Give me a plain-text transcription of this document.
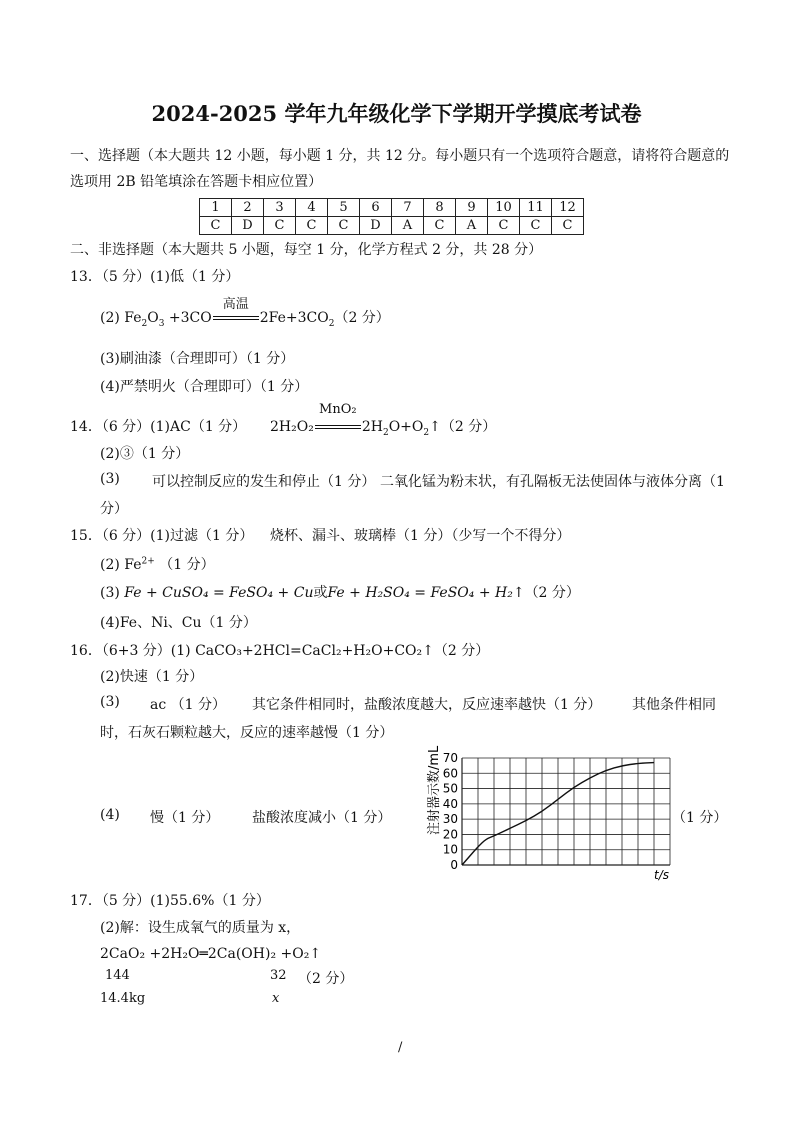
2024-2025 学年九年级化学下学期开学摸底考试卷
一、选择题（本大题共 12 小题，每小题 1 分，共 12 分。每小题只有一个选项符合题意，请将符合题意的
选项用 2B 铅笔填涂在答题卡相应位置）
1	2	3	4	5	6	7	8	9	10	11	12
C	D	C	C	C	D	A	C	A	C	C	C
二、非选择题（本大题共 5 小题，每空 1 分，化学方程式 2 分，共 28 分）
13．（5 分）(1)低（1 分）
(2) $Fe_2O_3 +3CO$
高温
$2Fe+3CO_2(2$ 分）
(3)刷油漆（合理即可）（1 分）
(4)严禁明火（合理即可）（1 分）
14．（6 分）(1)AC（1 分） 2H₂O₂
MnO₂
$2H_2O+O_2↑(2$ 分）
(2)③（1 分）
(3) 可以控制反应的发生和停止（1 分） 二氧化锰为粉末状，有孔隔板无法使固体与液体分离（1
分）
15．（6 分）(1)过滤（1 分） 烧杯、漏斗、玻璃棒（1 分）（少写一个不得分）
(2) $Fe^{2+}$ （1 分）
(3) Fe + CuSO₄ = FeSO₄ + Cu或Fe + H₂SO₄ = FeSO₄ + H₂↑（2 分）
(4)Fe、Ni、Cu（1 分）
16．（6+3 分）(1) CaCO₃+2HCl=CaCl₂+H₂O+CO₂↑（2 分）
(2)快速（1 分）
(3) ac （1 分） 其它条件相同时，盐酸浓度越大，反应速率越快（1 分） 其他条件相同
时，石灰石颗粒越大，反应的速率越慢（1 分）
(4) 慢（1 分） 盐酸浓度减小（1 分）	（1 分）
0
10
20
30
40
50
60
70
注射器示数/mL
t/s
17．（5 分）(1)55.6%（1 分）
(2)解：设生成氧气的质量为 x，
2CaO₂ +2H₂O═2Ca(OH)₂ +O₂↑
144	32 （2 分）
14.4kg	x
/
